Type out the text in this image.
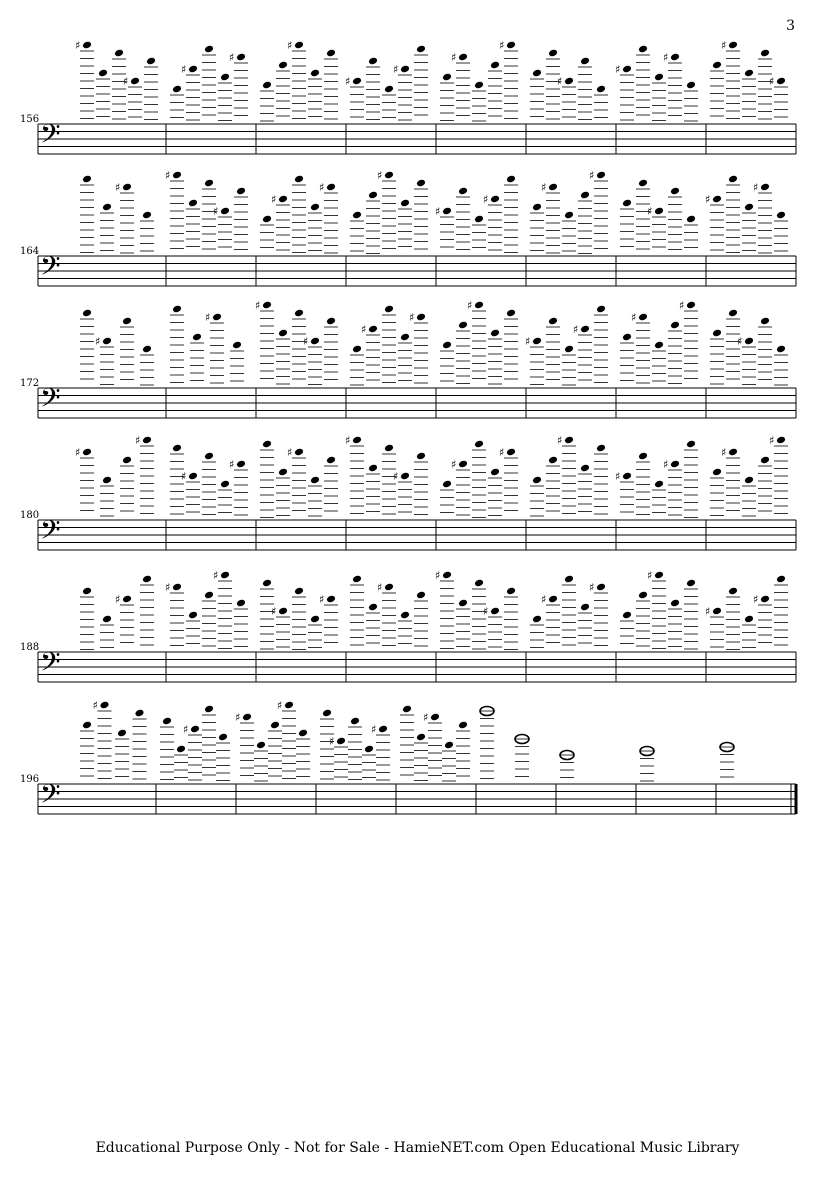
3
𝄢
156
♯
♯
♯
♯
♯
♯
♯
♯
♯
♯
♯
♯
♯
♯
𝄢
164
♯
♯
♯
♯
♯
♯
♯
♯
♯
♯
♯
♯
♯
𝄢
172
♯
♯
♯
♯
♯
♯
♯
♯
♯
♯
♯
♯
𝄢
180
♯
♯
♯
♯
♯
♯
♯
♯
♯
♯
♯
♯
♯
♯
𝄢
188
♯
♯
♯
♯
♯
♯
♯
♯
♯
♯
♯
♯
♯
𝄢
196
♯
♯
♯
♯
♯
♯
♯
Educational Purpose Only - Not for Sale - HamieNET.com Open Educational Music Library
